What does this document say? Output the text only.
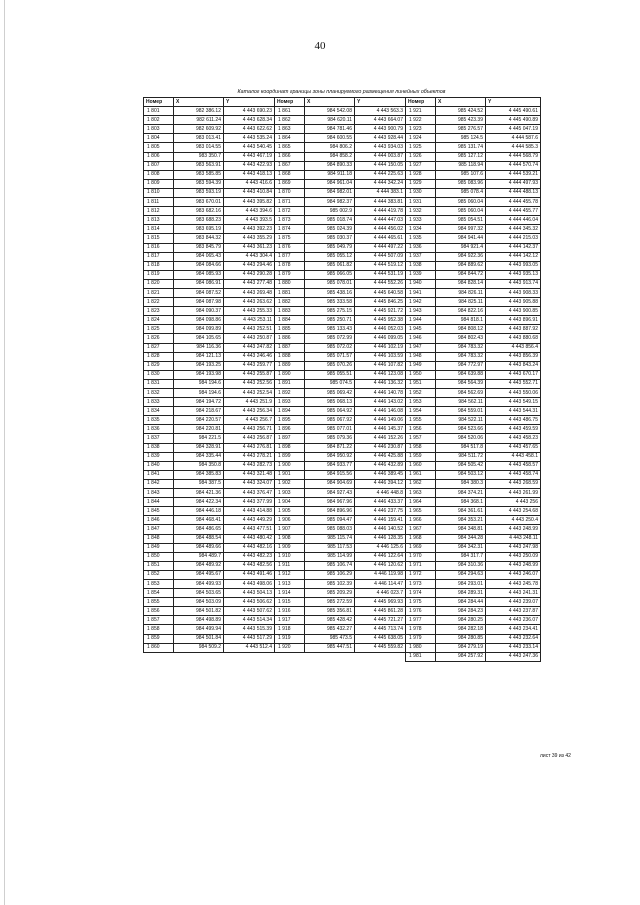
40
Каталог координат границы зоны планируемого размещения линейных объектов
Номер	X	Y	Номер	X	Y	Номер	X	Y
1 801	982 386.12	4 443 690.23	1 861	984 542.08	4 443 563.3	1 921	985 424.52	4 445 490.61
1 802	982 611.24	4 443 628.34	1 862	984 620.11	4 443 664.07	1 922	985 423.39	4 445 490.89
1 803	982 609.92	4 443 622.62	1 863	984 781.46	4 443 900.79	1 923	985 276.57	4 445 047.19
1 804	983 013.41	4 443 535.24	1 864	984 600.55	4 443 928.44	1 924	985 124.5	4 444 587.6
1 805	983 014.55	4 443 540.45	1 865	984 806.2	4 443 934.03	1 925	985 131.74	4 444 585.3
1 806	983 350.7	4 443 467.19	1 866	984 858.2	4 444 003.87	1 926	985 127.12	4 444 568.79
1 807	983 563.91	4 443 422.93	1 867	984 890.33	4 444 150.05	1 927	985 118.94	4 444 570.74
1 808	983 585.85	4 443 418.13	1 868	984 911.18	4 444 225.63	1 928	985 107.6	4 444 539.21
1 809	983 594.39	4 443 416.6	1 869	984 961.04	4 444 342.24	1 929	985 083.96	4 444 497.93
1 810	983 593.19	4 443 410.84	1 870	984 982.01	4 444 383.1	1 930	985 078.4	4 444 488.13
1 811	983 670.01	4 443 395.82	1 871	984 982.37	4 444 383.81	1 931	985 060.04	4 444 455.78
1 812	983 682.16	4 443 394.6	1 872	985 002.9	4 444 419.78	1 932	985 060.04	4 444 455.77
1 813	983 688.23	4 443 393.5	1 873	985 018.74	4 444 447.03	1 933	985 054.51	4 444 446.04
1 814	983 695.19	4 443 392.23	1 874	985 024.39	4 444 456.02	1 934	984 997.32	4 444 345.32
1 815	983 844.32	4 443 355.29	1 875	985 030.37	4 444 465.61	1 935	984 941.44	4 444 215.03
1 816	983 845.79	4 443 361.23	1 876	985 049.79	4 444 497.22	1 936	984 921.4	4 444 142.37
1 817	984 065.43	4 443 304.4	1 877	985 055.12	4 444 507.09	1 937	984 922.36	4 444 142.12
1 818	984 084.66	4 443 294.46	1 878	985 061.82	4 444 519.12	1 938	984 889.62	4 443 993.05
1 819	984 085.93	4 443 290.28	1 879	985 066.05	4 444 531.19	1 939	984 844.72	4 443 935.13
1 820	984 086.91	4 443 277.48	1 880	985 078.01	4 444 552.26	1 940	984 828.14	4 443 913.74
1 821	984 087.52	4 443 269.48	1 881	985 438.16	4 445 640.58	1 941	984 826.11	4 443 908.33
1 822	984 087.98	4 443 263.62	1 882	985 333.58	4 445 846.25	1 942	984 825.11	4 443 905.88
1 823	984 090.37	4 443 255.33	1 883	985 275.15	4 445 921.72	1 943	984 822.16	4 443 900.85
1 824	984 098.86	4 443 253.11	1 884	985 250.71	4 445 952.38	1 944	984 818.1	4 443 896.91
1 825	984 099.89	4 443 252.51	1 885	985 133.43	4 446 052.03	1 945	984 808.12	4 443 887.92
1 826	984 105.65	4 443 250.87	1 886	985 072.99	4 446 099.05	1 946	984 802.43	4 443 880.68
1 827	984 116.36	4 443 247.82	1 887	985 072.02	4 446 102.19	1 947	984 783.32	4 443 856.4
1 828	984 121.13	4 443 246.46	1 888	985 071.57	4 446 103.59	1 948	984 783.32	4 443 856.39
1 829	984 193.25	4 443 259.77	1 889	985 070.26	4 446 107.82	1 949	984 772.97	4 443 843.24
1 830	984 193.98	4 443 255.87	1 890	985 055.51	4 446 123.08	1 950	984 639.88	4 443 670.17
1 831	984 194.6	4 443 252.56	1 891	985 074.5	4 446 136.32	1 951	984 564.39	4 443 552.71
1 832	984 194.6	4 443 252.54	1 892	985 069.42	4 446 140.78	1 952	984 562.69	4 443 550.06
1 833	984 194.72	4 443 251.9	1 893	985 068.13	4 446 143.02	1 953	984 562.11	4 443 549.15
1 834	984 218.67	4 443 256.34	1 894	985 064.92	4 446 146.08	1 954	984 559.01	4 443 544.31
1 835	984 220.57	4 443 256.7	1 895	985 067.92	4 446 149.06	1 955	984 522.11	4 443 486.75
1 836	984 220.81	4 443 256.71	1 896	985 077.01	4 446 145.37	1 956	984 523.66	4 443 459.59
1 837	984 221.5	4 443 256.87	1 897	985 079.36	4 446 152.26	1 957	984 520.06	4 443 458.23
1 838	984 328.91	4 443 276.81	1 898	984 871.22	4 446 230.87	1 958	984 517.8	4 443 457.65
1 839	984 335.44	4 443 278.21	1 899	984 950.92	4 446 425.88	1 959	984 511.72	4 443 458.1
1 840	984 350.8	4 443 282.73	1 900	984 933.77	4 446 432.89	1 960	984 505.42	4 443 458.57
1 841	984 385.83	4 443 321.48	1 901	984 915.56	4 446 389.45	1 961	984 503.12	4 443 458.74
1 842	984 387.5	4 443 324.07	1 902	984 904.69	4 446 394.12	1 962	984 380.3	4 443 268.59
1 843	984 421.36	4 443 376.47	1 903	984 927.43	4 446 448.8	1 963	984 374.21	4 443 261.99
1 844	984 422.34	4 443 377.99	1 904	984 967.96	4 446 433.37	1 964	984 368.1	4 443 256
1 845	984 446.18	4 443 414.88	1 905	984 896.96	4 446 237.75	1 965	984 361.61	4 443 254.68
1 846	984 468.41	4 443 449.29	1 906	985 094.47	4 446 159.41	1 966	984 353.21	4 443 250.4
1 847	984 486.65	4 443 477.51	1 907	985 088.03	4 446 140.52	1 967	984 348.81	4 443 248.99
1 848	984 488.54	4 443 480.42	1 908	985 115.74	4 446 128.35	1 968	984 344.28	4 443 248.11
1 849	984 489.66	4 443 482.16	1 909	985 117.53	4 446 125.6	1 969	984 342.31	4 443 247.98
1 850	984 489.7	4 443 482.23	1 910	985 114.99	4 446 122.64	1 970	984 317.7	4 443 250.09
1 851	984 489.92	4 443 482.56	1 911	985 106.74	4 446 120.62	1 971	984 310.36	4 443 248.99
1 852	984 495.67	4 443 491.46	1 912	985 106.29	4 446 119.98	1 972	984 294.63	4 443 246.07
1 853	984 499.93	4 443 498.06	1 913	985 102.39	4 446 114.47	1 973	984 293.01	4 443 245.78
1 854	984 503.65	4 443 504.13	1 914	985 209.29	4 446 023.7	1 974	984 289.31	4 443 241.31
1 855	984 503.09	4 443 506.62	1 915	985 272.59	4 445 969.93	1 975	984 284.44	4 443 239.07
1 856	984 501.82	4 443 507.62	1 916	985 356.81	4 445 861.28	1 976	984 284.23	4 443 237.87
1 857	984 498.89	4 443 514.34	1 917	985 428.42	4 445 721.27	1 977	984 280.25	4 443 236.07
1 858	984 499.94	4 443 515.39	1 918	985 432.27	4 445 713.74	1 978	984 282.18	4 443 234.41
1 859	984 501.84	4 443 517.29	1 919	985 473.5	4 445 638.05	1 979	984 280.85	4 443 232.64
1 860	984 509.2	4 443 512.4	1 920	985 447.51	4 445 559.82	1 980	984 279.19	4 443 233.14
						1 981	984 257.92	4 443 247.36
лист 39 из 42
